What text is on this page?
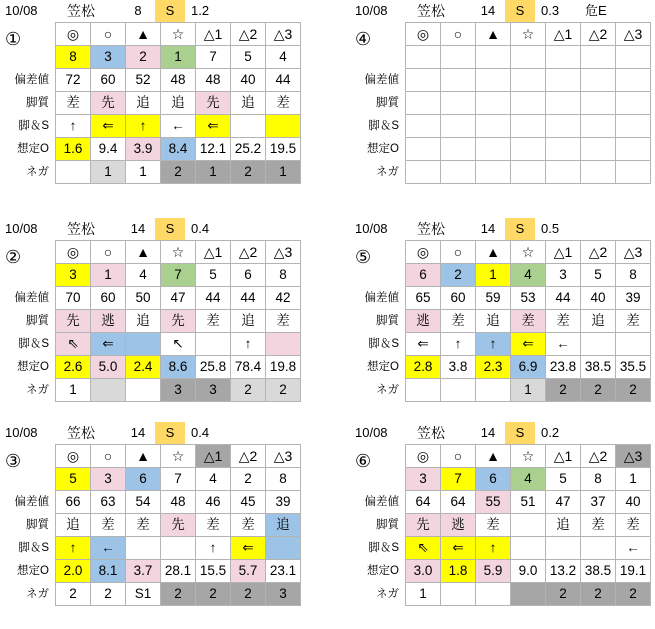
10/08 笠松	8	S	1.2
①
偏差値
脚質
脚＆S
想定O
ネガ
◎	○	▲	☆	△1	△2	△3
8	3	2	1	7	5	4
72	60	52	48	48	40	44
差	先	追	追	先	追	差
↑	⇐	↑	←	⇐		
1.6	9.4	3.9	8.4	12.1	25.2	19.5
	1	1	2	1	2	1
10/08 笠松	14	S	0.3 危E
④
偏差値
脚質
脚＆S
想定O
ネガ
◎	○	▲	☆	△1	△2	△3

10/08 笠松	14	S	0.4
②
偏差値
脚質
脚＆S
想定O
ネガ
◎	○	▲	☆	△1	△2	△3
3	1	4	7	5	6	8
70	60	50	47	44	44	42
先	逃	追	先	差	追	差
⇖	⇐		↖		↑	
2.6	5.0	2.4	8.6	25.8	78.4	19.8
1			3	3	2	2
10/08 笠松	14	S	0.5
⑤
偏差値
脚質
脚＆S
想定O
ネガ
◎	○	▲	☆	△1	△2	△3
6	2	1	4	3	5	8
65	60	59	53	44	40	39
逃	差	追	差	差	追	差
⇐	↑	↑	⇐	←		
2.8	3.8	2.3	6.9	23.8	38.5	35.5
			1	2	2	2
10/08 笠松	14	S	0.4
③
偏差値
脚質
脚＆S
想定O
ネガ
◎	○	▲	☆	△1	△2	△3
5	3	6	7	4	2	8
66	63	54	48	46	45	39
追	差	差	先	差	差	追
↑	←			↑	⇐	
2.0	8.1	3.7	28.1	15.5	5.7	23.1
2	2	S1	2	2	2	3
10/08 笠松	14	S	0.2
⑥
偏差値
脚質
脚＆S
想定O
ネガ
◎	○	▲	☆	△1	△2	△3
3	7	6	4	5	8	1
64	64	55	51	47	37	40
先	逃	差		追	差	差
⇖	⇐	↑				←
3.0	1.8	5.9	9.0	13.2	38.5	19.1
1				2	2	2
